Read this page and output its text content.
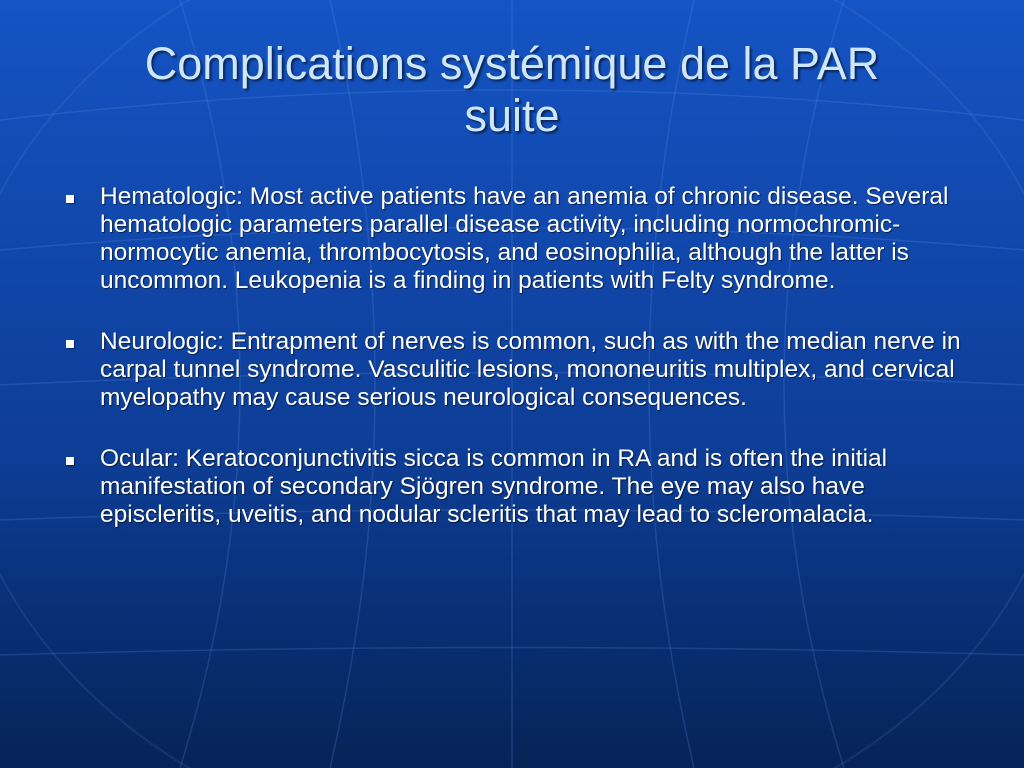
Complications systémique de la PAR
suite
Hematologic: Most active patients have an anemia of chronic disease. Several hematologic parameters parallel disease activity, including normochromic-normocytic anemia, thrombocytosis, and eosinophilia, although the latter is uncommon. Leukopenia is a finding in patients with Felty syndrome.
Neurologic: Entrapment of nerves is common, such as with the median nerve in carpal tunnel syndrome. Vasculitic lesions, mononeuritis multiplex, and cervical myelopathy may cause serious neurological consequences.
Ocular: Keratoconjunctivitis sicca is common in RA and is often the initial manifestation of secondary Sjögren syndrome. The eye may also have episcleritis, uveitis, and nodular scleritis that may lead to scleromalacia.
